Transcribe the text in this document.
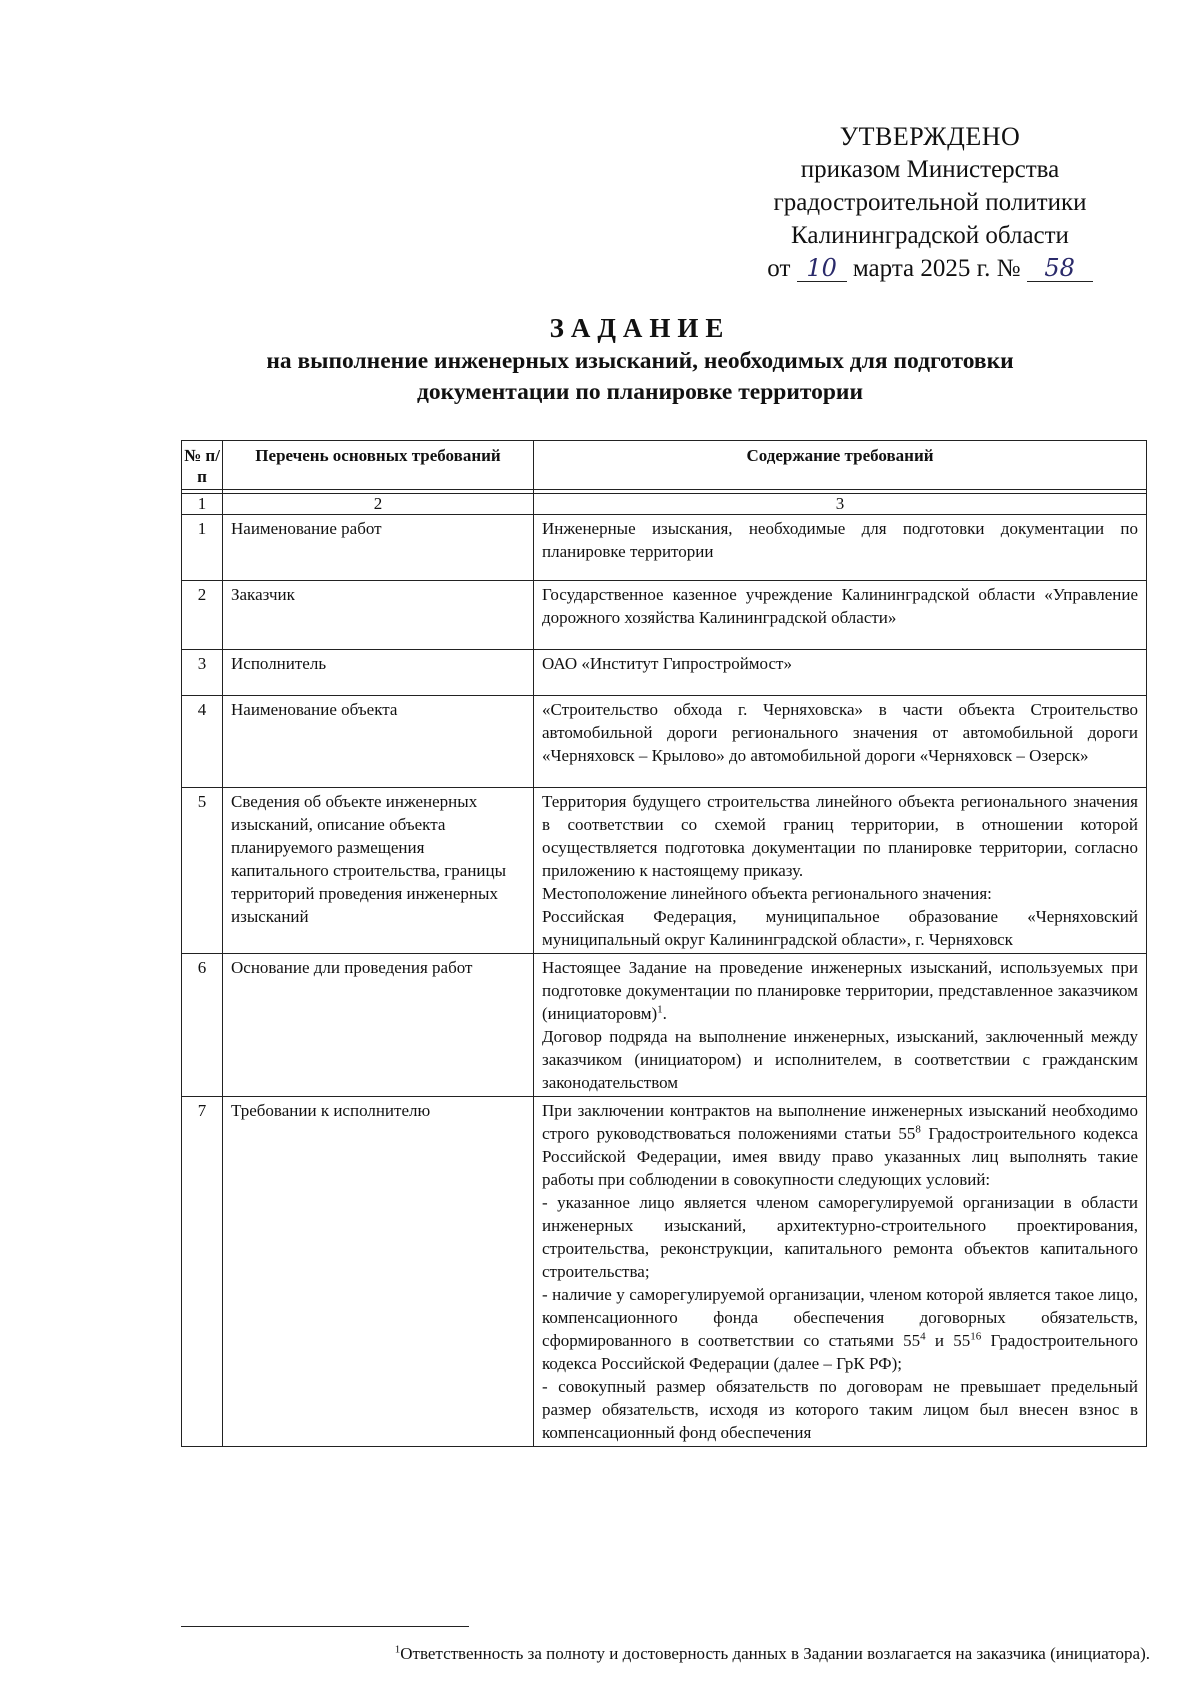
УТВЕРЖДЕНО
приказом Министерства
градостроительной политики
Калининградской области
от 10 марта 2025 г. № 58
ЗАДАНИЕ
на выполнение инженерных изысканий, необходимых для подготовки
документации по планировке территории
№ п/п	Перечень основных требований	Содержание требований

1	2	3
1	Наименование работ	Инженерные изыскания, необходимые для подготовки документации по планировке территории
2	Заказчик	Государственное казенное учреждение Калининградской области «Управление дорожного хозяйства Калининградской области»
3	Исполнитель	ОАО «Институт Гипростроймост»
4	Наименование объекта	«Строительство обхода г. Черняховска» в части объекта Строительство автомобильной дороги регионального значения от автомобильной дороги «Черняховск – Крылово» до автомобильной дороги «Черняховск – Озерск»
5	Сведения об объекте инженерных изысканий, описание объекта планируемого размещения капитального строительства, границы территорий проведения инженерных изысканий	Территория будущего строительства линейного объекта регионального значения в соответствии со схемой границ территории, в отношении которой осуществляется подготовка документации по планировке территории, согласно приложению к настоящему приказу.
Местоположение линейного объекта регионального значения:
Российская Федерация, муниципальное образование «Черняховский муниципальный округ Калининградской области», г. Черняховск

6	Основание дли проведения работ	Настоящее Задание на проведение инженерных изысканий, используемых при подготовке документации по планировке территории, представленное заказчиком (инициаторовм)$^1$.
Договор подряда на выполнение инженерных, изысканий, заключенный между заказчиком (инициатором) и исполнителем, в соответствии с гражданским законодательством

7	Требовании к исполнителю	При заключении контрактов на выполнение инженерных изысканий необходимо строго руководствоваться положениями статьи $55^8$ Градостроительного кодекса Российской Федерации, имея ввиду право указанных лиц выполнять такие работы при соблюдении в совокупности следующих условий:
- указанное лицо является членом саморегулируемой организации в области инженерных изысканий, архитектурно-строительного проектирования, строительства, реконструкции, капитального ремонта объектов капитального строительства;
- наличие у саморегулируемой организации, членом которой является такое лицо, компенсационного фонда обеспечения договорных обязательств, сформированного в соответствии со статьями $55^4$ и $55^{16}$ Градостроительного кодекса Российской Федерации (далее – ГрК РФ);
- совокупный размер обязательств по договорам не превышает предельный размер обязательств, исходя из которого таким лицом был внесен взнос в компенсационный фонд обеспечения
$^1$Ответственность за полноту и достоверность данных в Задании возлагается на заказчика (инициатора).
